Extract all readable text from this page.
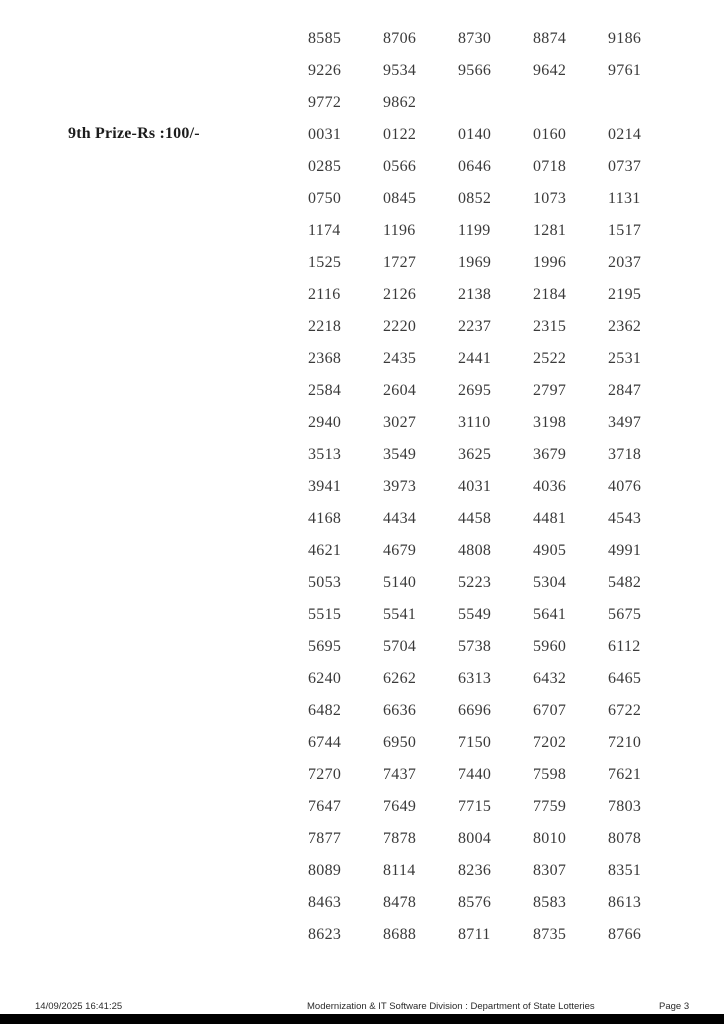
8585	8706	8730	8874	9186
9226	9534	9566	9642	9761
9772	9862
9th Prize-Rs :100/-	0031	0122	0140	0160	0214
0285	0566	0646	0718	0737
0750	0845	0852	1073	1131
1174	1196	1199	1281	1517
1525	1727	1969	1996	2037
2116	2126	2138	2184	2195
2218	2220	2237	2315	2362
2368	2435	2441	2522	2531
2584	2604	2695	2797	2847
2940	3027	3110	3198	3497
3513	3549	3625	3679	3718
3941	3973	4031	4036	4076
4168	4434	4458	4481	4543
4621	4679	4808	4905	4991
5053	5140	5223	5304	5482
5515	5541	5549	5641	5675
5695	5704	5738	5960	6112
6240	6262	6313	6432	6465
6482	6636	6696	6707	6722
6744	6950	7150	7202	7210
7270	7437	7440	7598	7621
7647	7649	7715	7759	7803
7877	7878	8004	8010	8078
8089	8114	8236	8307	8351
8463	8478	8576	8583	8613
8623	8688	8711	8735	8766
14/09/2025 16:41:25	Modernization & IT Software Division : Department of State Lotteries	Page 3
